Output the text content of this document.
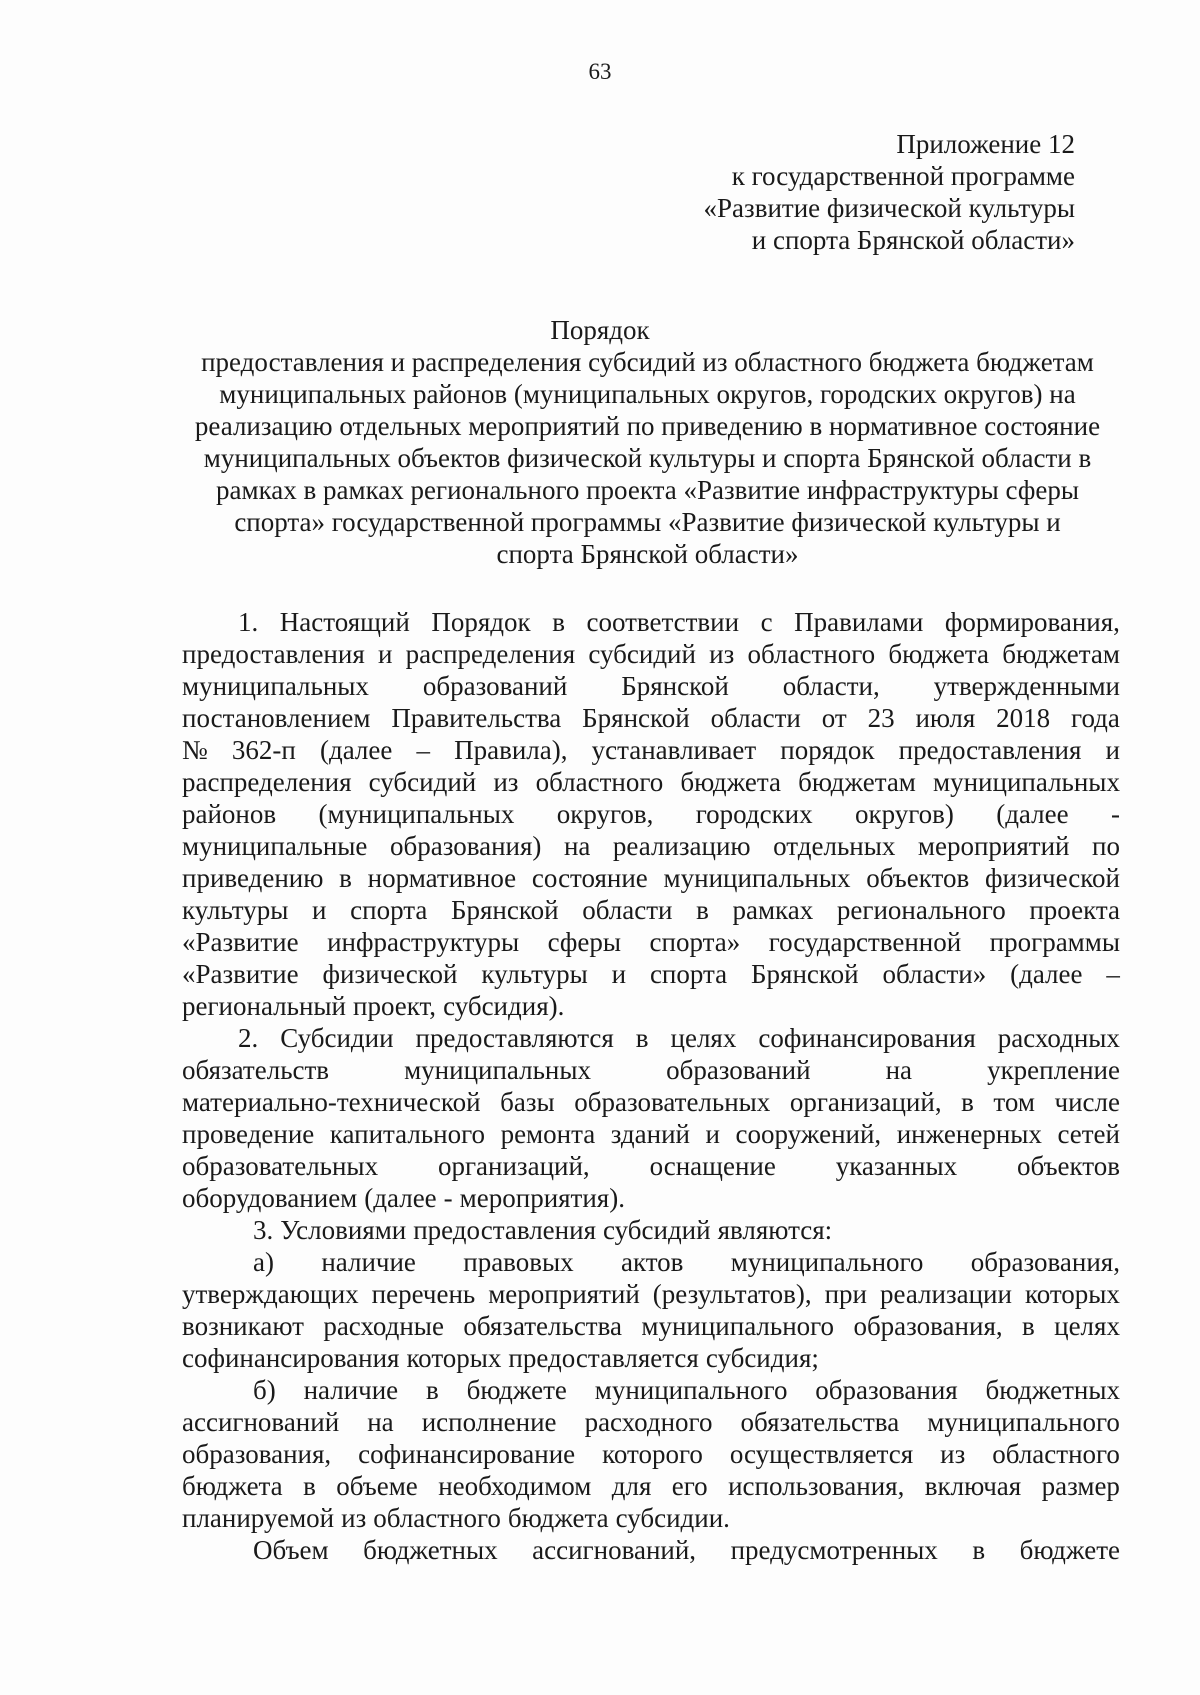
63
Приложение 12
к государственной программе
«Развитие физической культуры
и спорта Брянской области»
Порядок
предоставления и распределения субсидий из областного бюджета бюджетам
муниципальных районов (муниципальных округов, городских округов) на
реализацию отдельных мероприятий по приведению в нормативное состояние
муниципальных объектов физической культуры и спорта Брянской области в
рамках в рамках регионального проекта «Развитие инфраструктуры сферы
спорта» государственной программы «Развитие физической культуры и
спорта Брянской области»
1. Настоящий Порядок в соответствии с Правилами формирования,
предоставления и распределения субсидий из областного бюджета бюджетам
муниципальных образований Брянской области, утвержденными
постановлением Правительства Брянской области от 23 июля 2018 года
№ 362-п (далее – Правила), устанавливает порядок предоставления и
распределения субсидий из областного бюджета бюджетам муниципальных
районов (муниципальных округов, городских округов) (далее -
муниципальные образования) на реализацию отдельных мероприятий по
приведению в нормативное состояние муниципальных объектов физической
культуры и спорта Брянской области в рамках регионального проекта
«Развитие инфраструктуры сферы спорта» государственной программы
«Развитие физической культуры и спорта Брянской области» (далее –
региональный проект, субсидия).
2. Субсидии предоставляются в целях софинансирования расходных
обязательств	муниципальных	образований	на	укрепление
материально-технической базы образовательных организаций, в том числе
проведение капитального ремонта зданий и сооружений, инженерных сетей
образовательных организаций, оснащение указанных объектов
оборудованием (далее - мероприятия).
3. Условиями предоставления субсидий являются:
а) наличие правовых актов муниципального образования,
утверждающих перечень мероприятий (результатов), при реализации которых
возникают расходные обязательства муниципального образования, в целях
софинансирования которых предоставляется субсидия;
б) наличие в бюджете муниципального образования бюджетных
ассигнований на исполнение расходного обязательства муниципального
образования, софинансирование которого осуществляется из областного
бюджета в объеме необходимом для его использования, включая размер
планируемой из областного бюджета субсидии.
Объем бюджетных ассигнований, предусмотренных в бюджете
